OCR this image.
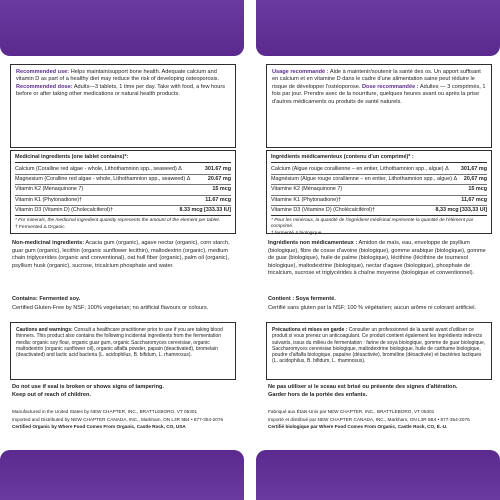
Recommended use: Helps maintain/support bone health. Adequate calcium and vitamin D as part of a healthy diet may reduce the risk of developing osteoporosis. Recommended dose: Adults—3 tablets, 1 time per day. Take with food, a few hours before or after taking other medications or natural health products.
Medicinal ingredients (one tablet contains)*:
Calcium (Coralline red algae - whole, Lithothamnion spp., seaweed) Δ	301.67 mg
Magnesium (Coralline red algae - whole, Lithothamnion spp., seaweed) Δ	20.67 mg
Vitamin K2 (Menaquinone 7)	15 mcg
Vitamin K1 (Phytonadione)†	11.67 mcg
Vitamin D3 (Vitamin D) (Cholecalciferol)†	8.33 mcg [333.33 IU]
* For minerals, the medicinal ingredient quantity represents the amount of the element per tablet.
† Fermented Δ Organic
Non-medicinal ingredients: Acacia gum (organic), agave nectar (organic), corn starch, guar gum (organic), lecithin (organic sunflower lecithin), maltodextrin (organic), medium chain triglycerides (organic and conventional), oat hull fiber (organic), palm oil (organic), psyllium husk (organic), sucrose, tricalcium phosphate and water.
Contains: Fermented soy.
Certified Gluten-Free by NSF; 100% vegetarian; no artificial flavours or colours.
Do not use if seal is broken or shows signs of tampering.
Keep out of reach of children.
Manufactured in the United States by NEW CHAPTER, INC., BRATTLEBORO, VT 05301
Imported and Distributed by NEW CHAPTER CANADA, INC., Markham, ON L3R 5B4 • 877-354-2076
Certified Organic by Where Food Comes From Organic, Castle Rock, CO, USA
Cautions and warnings: Consult a healthcare practitioner prior to use if you are taking blood thinners. This product also contains the following incidental ingredients from the fermentation media: organic soy flour, organic guar gum, organic Saccharomyces cerevisiae, organic maltodextrin (organic sunflower oil), organic alfalfa powder, papain (deactivated), bromelain (deactivated) and lactic acid bacteria (L. acidophilus, B. bifidum, L. rhamnosus).
Usage recommandé : Aide à maintenir/soutenir la santé des os. Un apport suffisant en calcium et en vitamine D dans le cadre d'une alimentation saine peut réduire le risque de développer l'ostéoporose. Dose recommandée : Adultes — 3 comprimés, 1 fois par jour. Prendre avec de la nourriture, quelques heures avant ou après la prise d'autres médicaments ou produits de santé naturels.
Ingrédients médicamenteux (contenu d'un comprimé)* :
Calcium (Algue rouge corallienne – en entier, Lithothamnion spp., algue) Δ	301,67 mg
Magnésium (Algue rouge corallienne – en entier, Lithothamnion spp., algue) Δ	20,67 mg
Vitamine K2 (Ménaquinone 7)	15 mcg
Vitamine K1 (Phytonadione)†	11,67 mcg
Vitamine D3 (Vitamine D) (Cholécalciférol)†	8,33 mcg [333,33 UI]
* Pour les minéraux, la quantité de l'ingrédient médicinal représente la quantité de l'élément par comprimé.
† fermenté Δ biologique
Ingrédients non médicamenteux : Amidon de maïs, eau, enveloppe de psyllium (biologique), fibre de cosse d'avoine (biologique), gomme arabique (biologique), gomme de guar (biologique), huile de palme (biologique), lécithine (lécithine de tournesol biologique), maltodextrine (biologique), nectar d'agave (biologique), phosphate de tricalcium, sucrose et triglycérides à chaîne moyenne (biologique et conventionnel).
Contient : Soya fermenté.
Certifié sans gluten par la NSF; 100 % végétarien; aucun arôme ni colorant artificiel.
Ne pas utiliser si le sceau est brisé ou présente des signes d'altération.
Garder hors de la portée des enfants.
Fabriqué aux États-Unis par NEW CHAPTER, INC., BRATTLEBORO, VT 05301
Importé et distribué par NEW CHAPTER CANADA, INC., Markham, ON L3R 5B4 • 877-354-2076
Certifié biologique par Where Food Comes From Organic, Castle Rock, CO, É.-U.
Précautions et mises en garde : Consulter un professionnel de la santé avant d'utiliser ce produit si vous prenez un anticoagulant. Ce produit contient également les ingrédients indirects suivants, issus du milieu de fermentation : farine de soya biologique, gomme de guar biologique, Saccharomyces cerevisiae biologique, maltodextrine biologique, huile de carthame biologique, poudre d'alfalfa biologique, papaïne (désactivée), broméline (désactivée) et bactéries lactiques (L. acidophilus, B. bifidum, L. rhamnosus).
